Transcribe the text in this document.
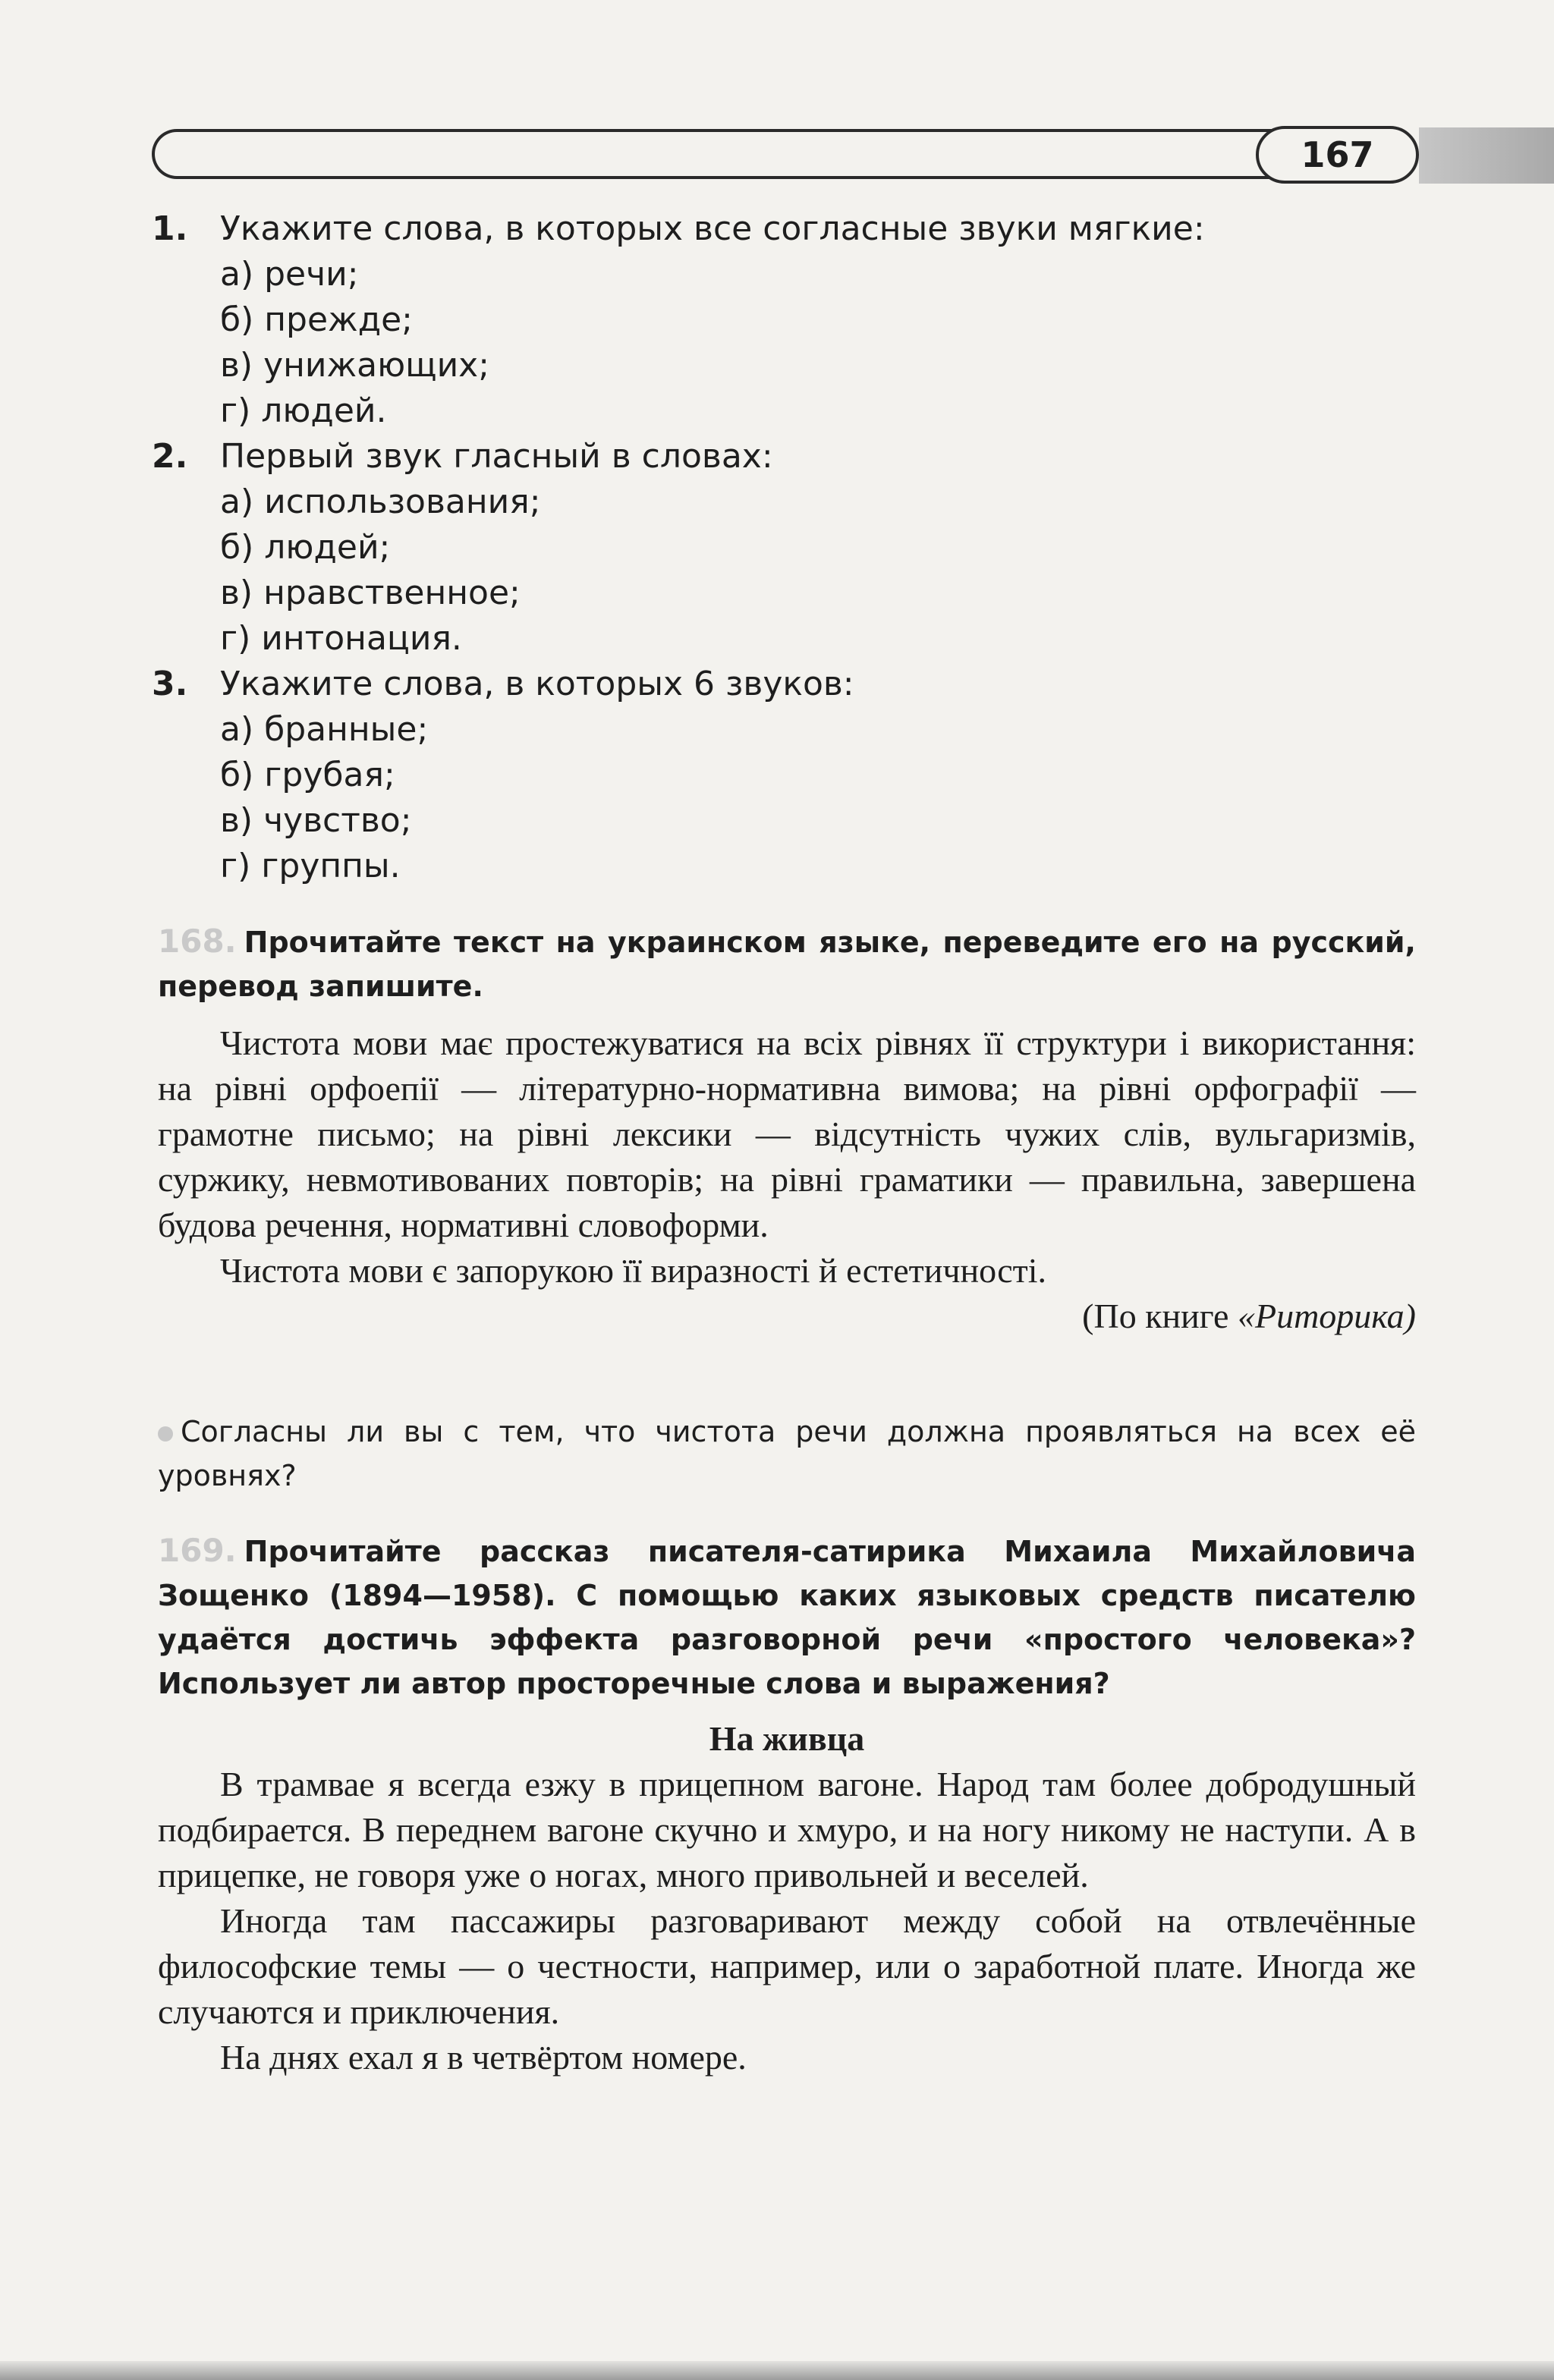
167
1. Укажите слова, в которых все согласные звуки мягкие:
а) речи;
б) прежде;
в) унижающих;
г) людей.
2. Первый звук гласный в словах:
а) использования;
б) людей;
в) нравственное;
г) интонация.
3. Укажите слова, в которых 6 звуков:
а) бранные;
б) грубая;
в) чувство;
г) группы.
168. Прочитайте текст на украинском языке, переведите его на русский, перевод запишите.

Чистота мови має простежуватися на всіх рівнях її структури і використання: на рівні орфоепії — літературно-нормативна вимова; на рівні орфографії — грамотне письмо; на рівні лексики — відсутність чужих слів, вульгаризмів, суржику, невмотивованих повторів; на рівні граматики — правильна, завершена будова речення, нормативні словоформи.

Чистота мови є запорукою її виразності й естетичності.

(По книге «Риторика)
Согласны ли вы с тем, что чистота речи должна проявляться на всех её уровнях?
169. Прочитайте рассказ писателя-сатирика Михаила Михайловича Зощенко (1894—1958). С помощью каких языковых средств писателю удаётся достичь эффекта разговорной речи «простого человека»? Использует ли автор просторечные слова и выражения?
На живца

В трамвае я всегда езжу в прицепном вагоне. Народ там более добродушный подбирается. В переднем вагоне скучно и хмуро, и на ногу никому не наступи. А в прицепке, не говоря уже о ногах, много привольней и веселей.

Иногда там пассажиры разговаривают между собой на отвлечённые философские темы — о честности, например, или о заработной плате. Иногда же случаются и приключения.

На днях ехал я в четвёртом номере.
